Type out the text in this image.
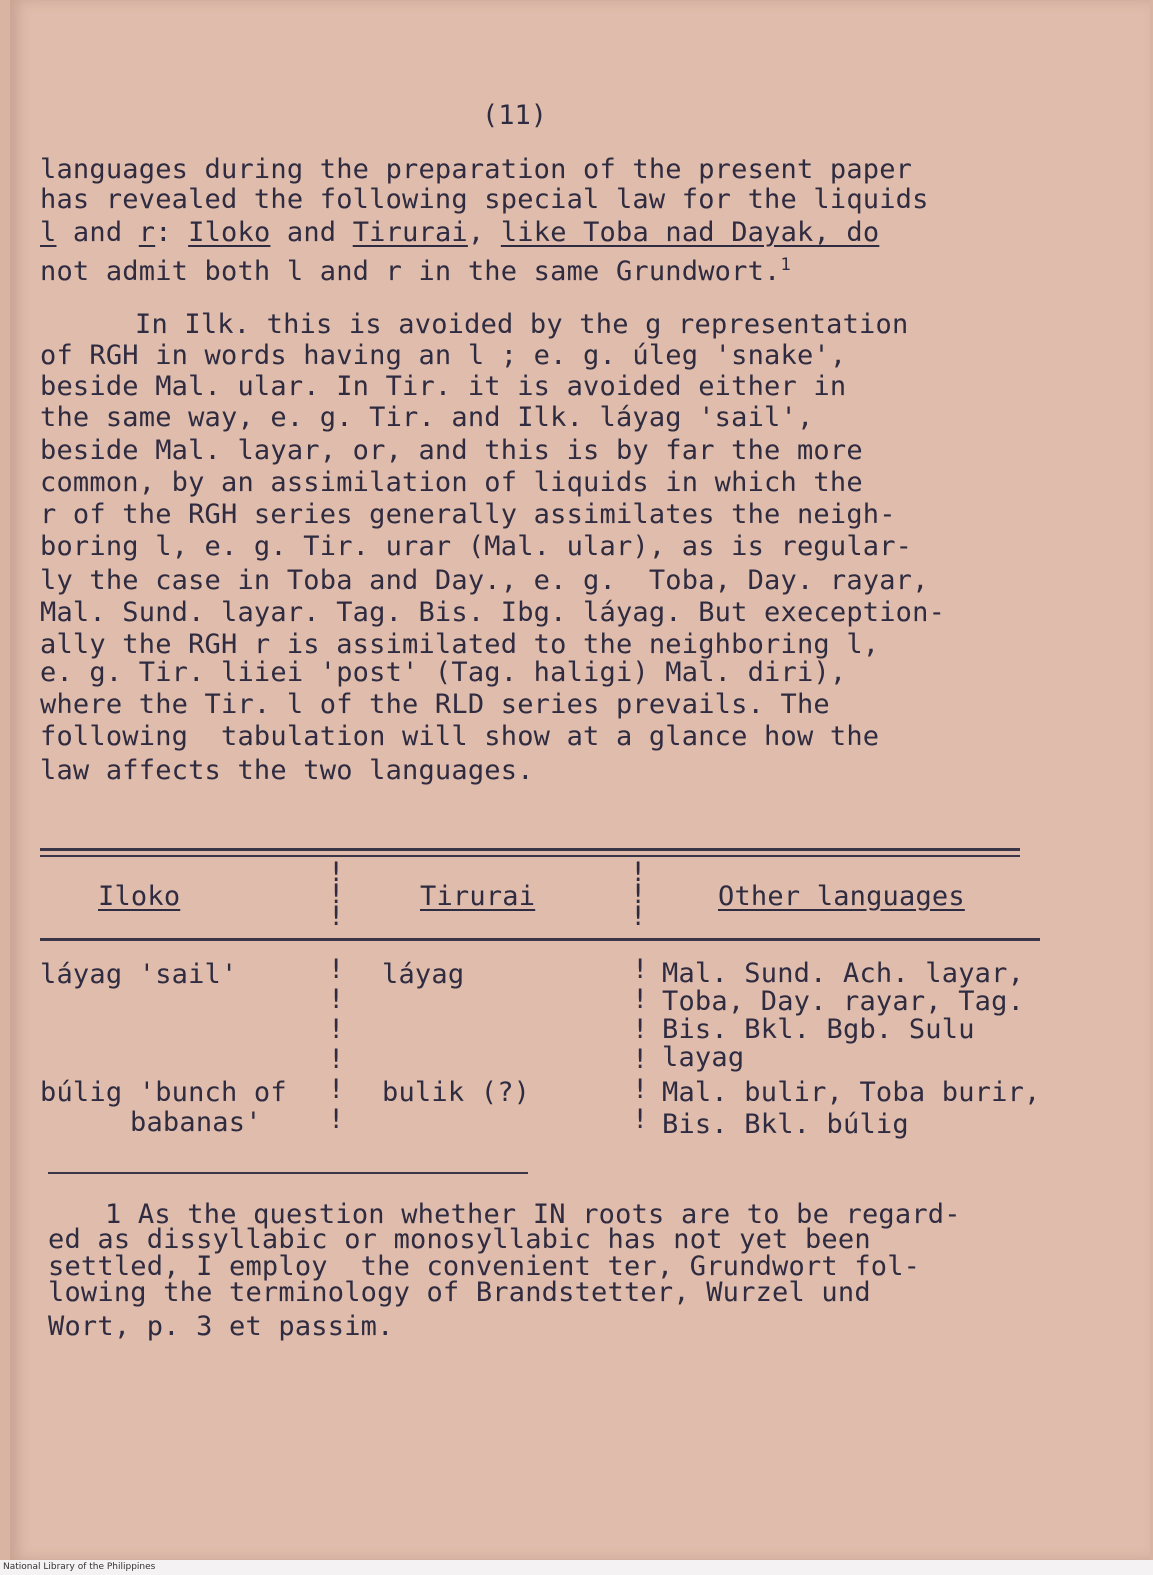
(11)
languages during the preparation of the present paper
has revealed the following special law for the liquids
l and r: Iloko and Tirurai, like Toba nad Dayak, do
not admit both l and r in the same Grundwort.$^1$
In Ilk. this is avoided by the g representation
of RGH in words having an l ; e. g. úleg 'snake',
beside Mal. ular. In Tir. it is avoided either in
the same way, e. g. Tir. and Ilk. láyag 'sail',
beside Mal. layar, or, and this is by far the more
common, by an assimilation of liquids in which the
r of the RGH series generally assimilates the neigh-
boring l, e. g. Tir. urar (Mal. ular), as is regular-
ly the case in Toba and Day., e. g.  Toba, Day. rayar,
Mal. Sund. layar. Tag. Bis. Ibg. láyag. But exeception-
ally the RGH r is assimilated to the neighboring l,
e. g. Tir. liiei 'post' (Tag. haligi) Mal. diri),
where the Tir. l of the RLD series prevails. The
following  tabulation will show at a glance how the
law affects the two languages.
Iloko	Tirurai	Other languages
!
!
!
!
!
!
láyag 'sail'	láyag	Mal. Sund. Ach. layar,
Toba, Day. rayar, Tag.
Bis. Bkl. Bgb. Sulu
layag
búlig 'bunch of
babanas'
bulik (?)	Mal. bulir, Toba burir,
Bis. Bkl. búlig
!
!
!
!
!
!
!
!
!
!
!
!
1 As the question whether IN roots are to be regard-
ed as dissyllabic or monosyllabic has not yet been
settled, I employ  the convenient ter, Grundwort fol-
lowing the terminology of Brandstetter, Wurzel und
Wort, p. 3 et passim.
National Library of the Philippines
